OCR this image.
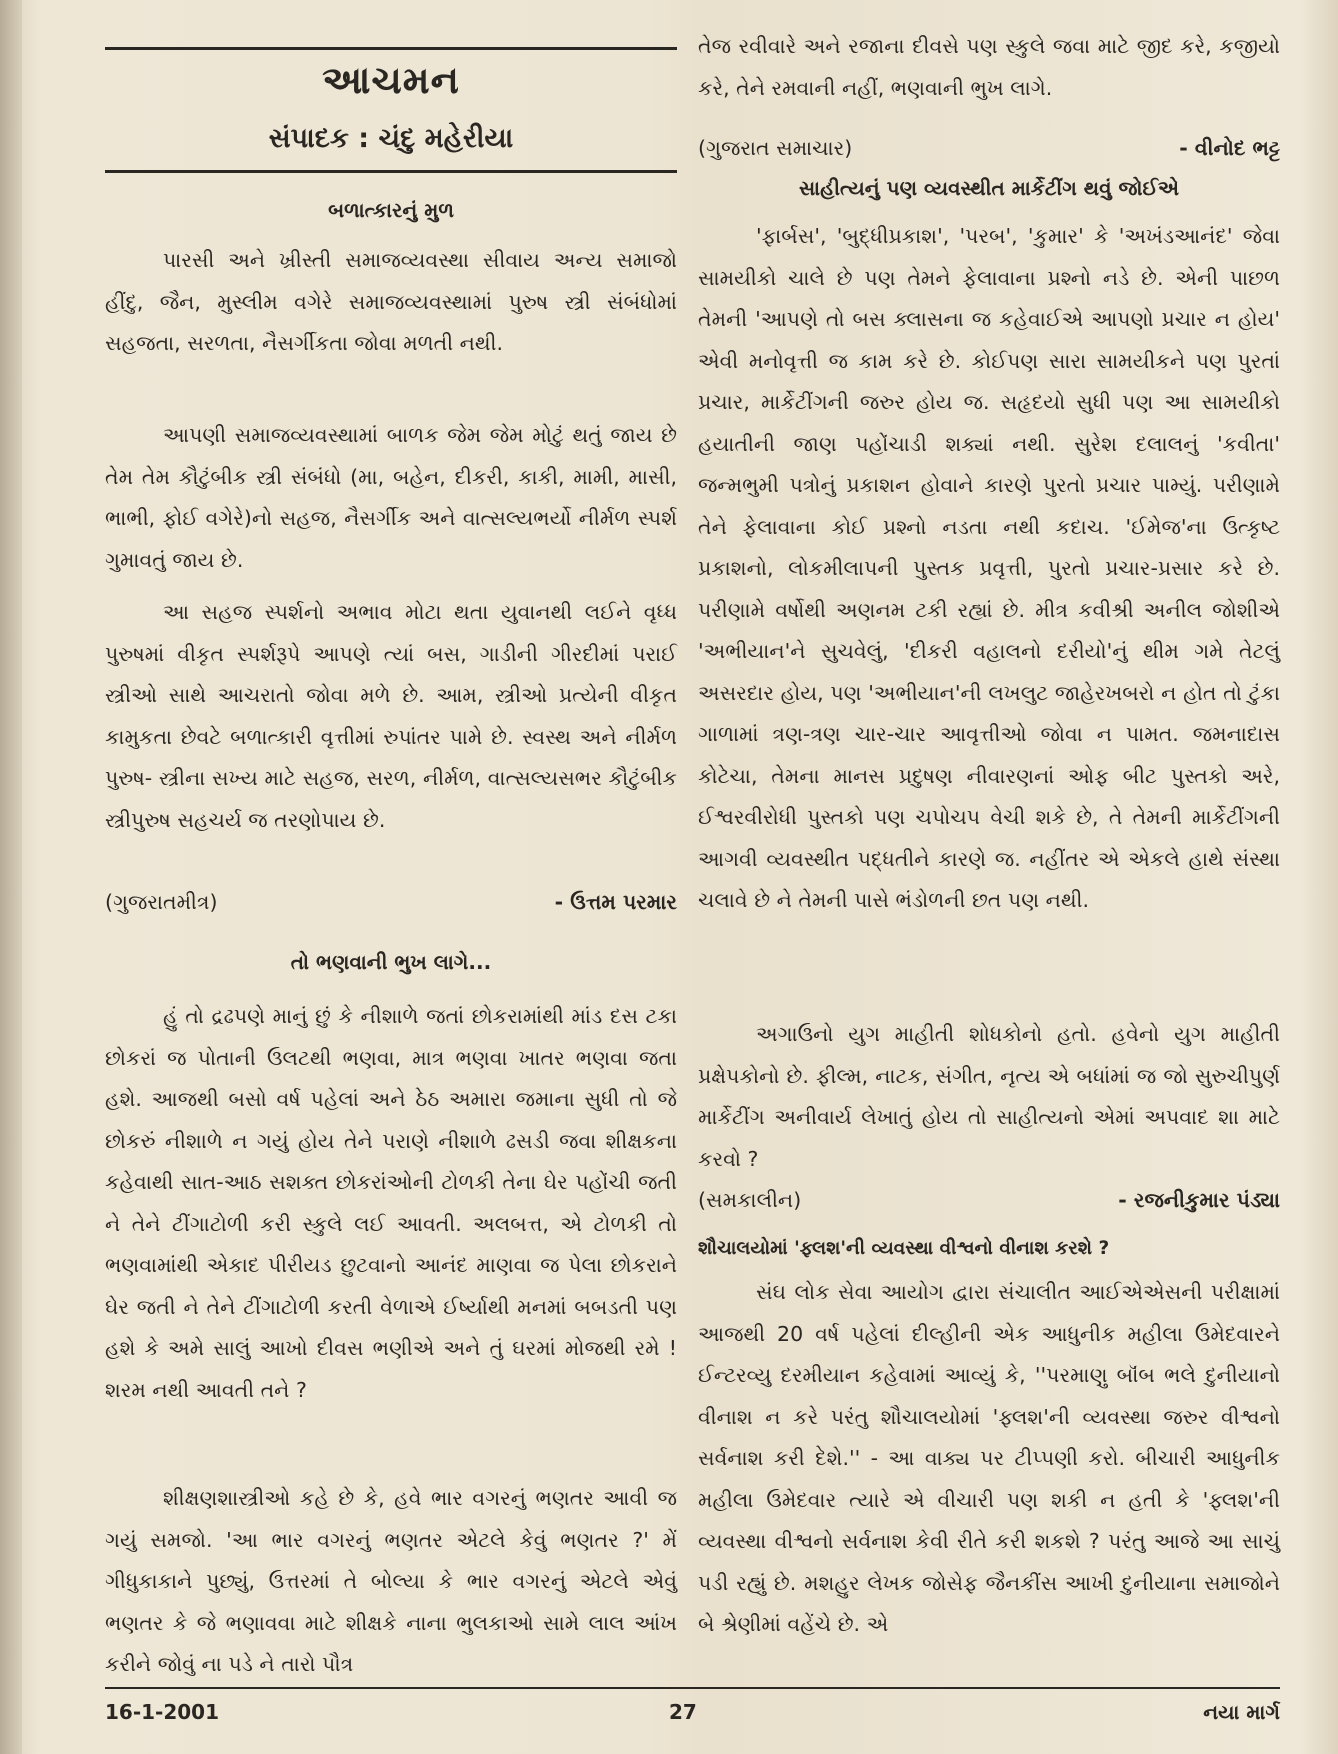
આચમન
સંપાદક : ચંદુ મહેરીયા
બળાત્કારનું મુળ

પારસી અને ખ્રીસ્તી સમાજવ્યવસ્થા સીવાય અન્ય સમાજો હીંદુ, જૈન, મુસ્લીમ વગેરે સમાજવ્યવસ્થામાં પુરુષ સ્ત્રી સંબંધોમાં સહજતા, સરળતા, નૈસર્ગીકતા જોવા મળતી નથી.

આપણી સમાજવ્યવસ્થામાં બાળક જેમ જેમ મોટું થતું જાય છે તેમ તેમ કૌટુંબીક સ્ત્રી સંબંધો (મા, બહેન, દીકરી, કાકી, મામી, માસી, ભાભી, ફોઈ વગેરે)નો સહજ, નૈસર્ગીક અને વાત્સલ્યભર્યો નીર્મળ સ્પર્શ ગુમાવતું જાય છે.

આ સહજ સ્પર્શનો અભાવ મોટા થતા યુવાનથી લઈને વૃધ્ધ પુરુષમાં વીકૃત સ્પર્શરૂપે આપણે ત્યાં બસ, ગાડીની ગીરદીમાં પરાઈ સ્ત્રીઓ સાથે આચરાતો જોવા મળે છે. આમ, સ્ત્રીઓ પ્રત્યેની વીકૃત કામુકતા છેવટે બળાત્કારી વૃત્તીમાં રુપાંતર પામે છે. સ્વસ્થ અને નીર્મળ પુરુષ- સ્ત્રીના સખ્ય માટે સહજ, સરળ, નીર્મળ, વાત્સલ્યસભર કૌટુંબીક સ્ત્રીપુરુષ સહચર્ય જ તરણોપાય છે.

(ગુજરાતમીત્ર)	- ઉત્તમ પરમાર
તો ભણવાની ભુખ લાગે...

હું તો દ્રઢપણે માનું છું કે નીશાળે જતાં છોકરામાંથી માંડ દસ ટકા છોકરાં જ પોતાની ઉલટથી ભણવા, માત્ર ભણવા ખાતર ભણવા જતા હશે. આજથી બસો વર્ષ પહેલાં અને ઠેઠ અમારા જમાના સુધી તો જે છોકરું નીશાળે ન ગયું હોય તેને પરાણે નીશાળે ઢસડી જવા શીક્ષકના કહેવાથી સાત-આઠ સશક્ત છોકરાંઓની ટોળકી તેના ઘેર પહોંચી જતી ને તેને ટીંગાટોળી કરી સ્કુલે લઈ આવતી. અલબત્ત, એ ટોળકી તો ભણવામાંથી એકાદ પીરીયડ છુટવાનો આનંદ માણવા જ પેલા છોકરાને ઘેર જતી ને તેને ટીંગાટોળી કરતી વેળાએ ઈર્ષ્યાથી મનમાં બબડતી પણ હશે કે અમે સાલું આખો દીવસ ભણીએ અને તું ઘરમાં મોજથી રમે ! શરમ નથી આવતી તને ?

શીક્ષણશાસ્ત્રીઓ કહે છે કે, હવે ભાર વગરનું ભણતર આવી જ ગયું સમજો. 'આ ભાર વગરનું ભણતર એટલે કેવું ભણતર ?' મેં ગીધુકાકાને પુછ્યું, ઉત્તરમાં તે બોલ્યા કે ભાર વગરનું એટલે એવું ભણતર કે જે ભણાવવા માટે શીક્ષકે નાના ભુલકાઓ સામે લાલ આંખ કરીને જોવું ના પડે ને તારો પૌત્ર

તેજ રવીવારે અને રજાના દીવસે પણ સ્કુલે જવા માટે જીદ કરે, કજીયો કરે, તેને રમવાની નહીં, ભણવાની ભુખ લાગે.

(ગુજરાત સમાચાર)	- વીનોદ ભટ્ટ
સાહીત્યનું પણ વ્યવસ્થીત માર્કેટીંગ થવું જોઈએ

'ફાર્બસ', 'બુદ્ધીપ્રકાશ', 'પરબ', 'કુમાર' કે 'અખંડઆનંદ' જેવા સામયીકો ચાલે છે પણ તેમને ફેલાવાના પ્રશ્નો નડે છે. એની પાછળ તેમની 'આપણે તો બસ ક્લાસના જ કહેવાઈએ આપણો પ્રચાર ન હોય' એવી મનોવૃત્તી જ કામ કરે છે. કોઈપણ સારા સામયીકને પણ પુરતાં પ્રચાર, માર્કેટીંગની જરુર હોય જ. સહૃદયો સુધી પણ આ સામયીકો હયાતીની જાણ પહોંચાડી શક્યાં નથી. સુરેશ દલાલનું 'કવીતા' જન્મભુમી પત્રોનું પ્રકાશન હોવાને કારણે પુરતો પ્રચાર પામ્યું. પરીણામે તેને ફેલાવાના કોઈ પ્રશ્નો નડતા નથી કદાચ. 'ઈમેજ'ના ઉત્કૃષ્ટ પ્રકાશનો, લોકમીલાપની પુસ્તક પ્રવૃત્તી, પુરતો પ્રચાર-પ્રસાર કરે છે. પરીણામે વર્ષોથી અણનમ ટકી રહ્યાં છે. મીત્ર કવીશ્રી અનીલ જોશીએ 'અભીયાન'ને સુચવેલું, 'દીકરી વહાલનો દરીયો'નું થીમ ગમે તેટલું અસરદાર હોય, પણ 'અભીયાન'ની લખલુટ જાહેરખબરો ન હોત તો ટુંકા ગાળામાં ત્રણ-ત્રણ ચાર-ચાર આવૃત્તીઓ જોવા ન પામત. જમનાદાસ કોટેચા, તેમના માનસ પ્રદુષણ નીવારણનાં ઓફ બીટ પુસ્તકો અરે, ઈશ્વરવીરોધી પુસ્તકો પણ ચપોચપ વેચી શકે છે, તે તેમની માર્કેટીંગની આગવી વ્યવસ્થીત પદ્ધતીને કારણે જ. નહીંતર એ એકલે હાથે સંસ્થા ચલાવે છે ને તેમની પાસે ભંડોળની છત પણ નથી.

અગાઉનો યુગ માહીતી શોધકોનો હતો. હવેનો યુગ માહીતી પ્રક્ષેપકોનો છે. ફીલ્મ, નાટક, સંગીત, નૃત્ય એ બધાંમાં જ જો સુરુચીપુર્ણ માર્કેટીંગ અનીવાર્ય લેખાતું હોય તો સાહીત્યનો એમાં અપવાદ શા માટે કરવો ?

(સમકાલીન)	- રજનીકુમાર પંડ્યા
શૌચાલયોમાં 'ફ્લશ'ની વ્યવસ્થા વીશ્વનો વીનાશ કરશે ?

સંઘ લોક સેવા આયોગ દ્વારા સંચાલીત આઈએએસની પરીક્ષામાં આજથી 20 વર્ષ પહેલાં દીલ્હીની એક આધુનીક મહીલા ઉમેદવારને ઈન્ટરવ્યુ દરમીયાન કહેવામાં આવ્યું કે, ''પરમાણુ બૉંબ ભલે દુનીયાનો વીનાશ ન કરે પરંતુ શૌચાલયોમાં 'ફ્લશ'ની વ્યવસ્થા જરુર વીશ્વનો સર્વનાશ કરી દેશે.'' - આ વાક્ય પર ટીપ્પણી કરો. બીચારી આધુનીક મહીલા ઉમેદવાર ત્યારે એ વીચારી પણ શકી ન હતી કે 'ફ્લશ'ની વ્યવસ્થા વીશ્વનો સર્વનાશ કેવી રીતે કરી શકશે ? પરંતુ આજે આ સાચું પડી રહ્યું છે. મશહુર લેખક જોસેફ જૈનકીંસ આખી દુનીયાના સમાજોને બે શ્રેણીમાં વહેંચે છે. એ

16-1-2001	27	નયા માર્ગ
